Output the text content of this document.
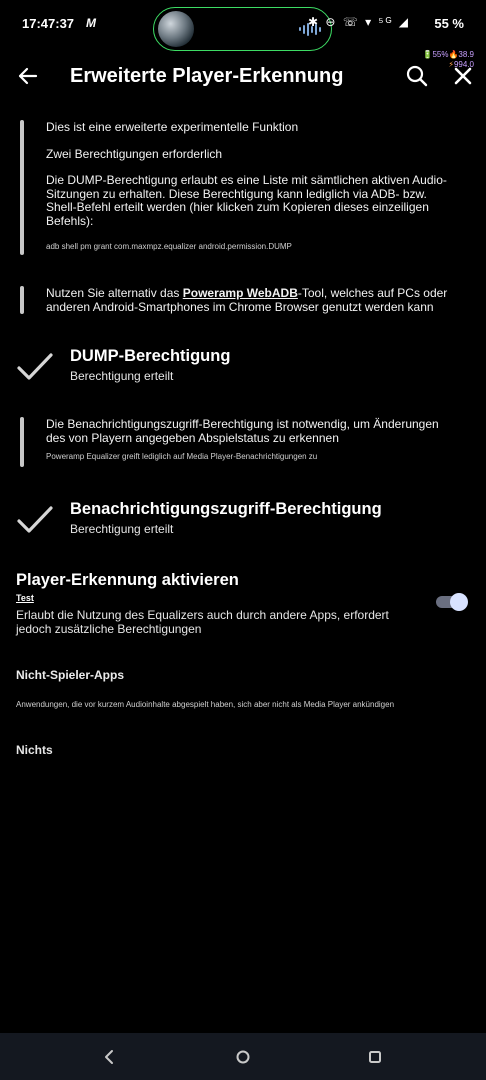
17:47:37 M	✱ ⊖ ☏ ▾ ⁵ᴳ ◢ 55 %
🔋55%🔥38.9
⚡994.0
Erweiterte Player-Erkennung
Dies ist eine erweiterte experimentelle Funktion
Zwei Berechtigungen erforderlich
Die DUMP-Berechtigung erlaubt es eine Liste mit sämtlichen aktiven Audio-Sitzungen zu erhalten. Diese Berechtigung kann lediglich via ADB- bzw. Shell-Befehl erteilt werden (hier klicken zum Kopieren dieses einzeiligen Befehls):
adb shell pm grant com.maxmpz.equalizer android.permission.DUMP
Nutzen Sie alternativ das Poweramp WebADB-Tool, welches auf PCs oder anderen Android-Smartphones im Chrome Browser genutzt werden kann
DUMP-Berechtigung
Berechtigung erteilt
Die Benachrichtigungszugriff-Berechtigung ist notwendig, um Änderungen des von Playern angegeben Abspielstatus zu erkennen
Poweramp Equalizer greift lediglich auf Media Player-Benachrichtigungen zu
Benachrichtigungszugriff-Berechtigung
Berechtigung erteilt
Player-Erkennung aktivieren
Test
Erlaubt die Nutzung des Equalizers auch durch andere Apps, erfordert jedoch zusätzliche Berechtigungen
Nicht-Spieler-Apps
Anwendungen, die vor kurzem Audioinhalte abgespielt haben, sich aber nicht als Media Player ankündigen
Nichts
